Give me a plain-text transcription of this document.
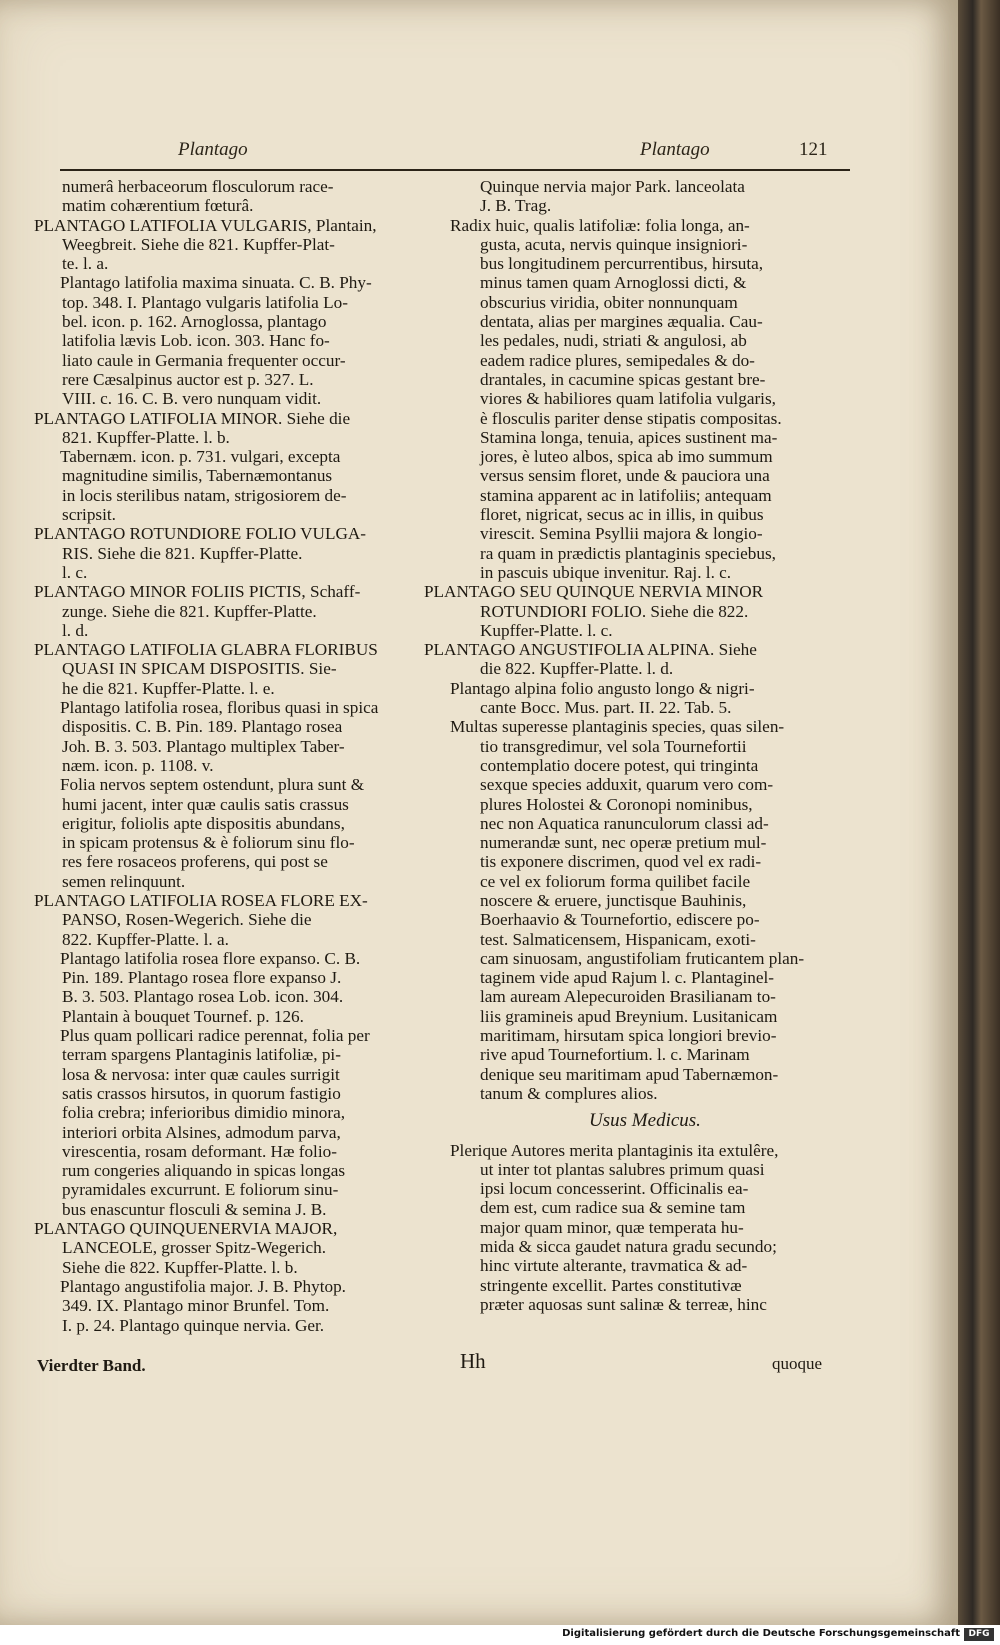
Plantago	Plantago	121
numerâ herbaceorum flosculorum race-
matim cohærentium fœturâ.
PLANTAGO LATIFOLIA VULGARIS, Plantain,
Weegbreit. Siehe die 821. Kupffer-Plat-
te. l. a.
Plantago latifolia maxima sinuata. C. B. Phy-
top. 348. I. Plantago vulgaris latifolia Lo-
bel. icon. p. 162. Arnoglossa, plantago
latifolia lævis Lob. icon. 303. Hanc fo-
liato caule in Germania frequenter occur-
rere Cæsalpinus auctor est p. 327. L.
VIII. c. 16. C. B. vero nunquam vidit.
PLANTAGO LATIFOLIA MINOR. Siehe die
821. Kupffer-Platte. l. b.
Tabernæm. icon. p. 731. vulgari, excepta
magnitudine similis, Tabernæmontanus
in locis sterilibus natam, strigosiorem de-
scripsit.
PLANTAGO ROTUNDIORE FOLIO VULGA-
RIS. Siehe die 821. Kupffer-Platte.
l. c.
PLANTAGO MINOR FOLIIS PICTIS, Schaff-
zunge. Siehe die 821. Kupffer-Platte.
l. d.
PLANTAGO LATIFOLIA GLABRA FLORIBUS
QUASI IN SPICAM DISPOSITIS. Sie-
he die 821. Kupffer-Platte. l. e.
Plantago latifolia rosea, floribus quasi in spica
dispositis. C. B. Pin. 189. Plantago rosea
Joh. B. 3. 503. Plantago multiplex Taber-
næm. icon. p. 1108. v.
Folia nervos septem ostendunt, plura sunt &
humi jacent, inter quæ caulis satis crassus
erigitur, foliolis apte dispositis abundans,
in spicam protensus & è foliorum sinu flo-
res fere rosaceos proferens, qui post se
semen relinquunt.
PLANTAGO LATIFOLIA ROSEA FLORE EX-
PANSO, Rosen-Wegerich. Siehe die
822. Kupffer-Platte. l. a.
Plantago latifolia rosea flore expanso. C. B.
Pin. 189. Plantago rosea flore expanso J.
B. 3. 503. Plantago rosea Lob. icon. 304.
Plantain à bouquet Tournef. p. 126.
Plus quam pollicari radice perennat, folia per
terram spargens Plantaginis latifoliæ, pi-
losa & nervosa: inter quæ caules surrigit
satis crassos hirsutos, in quorum fastigio
folia crebra; inferioribus dimidio minora,
interiori orbita Alsines, admodum parva,
virescentia, rosam deformant. Hæ folio-
rum congeries aliquando in spicas longas
pyramidales excurrunt. E foliorum sinu-
bus enascuntur flosculi & semina J. B.
PLANTAGO QUINQUENERVIA MAJOR,
LANCEOLE, grosser Spitz-Wegerich.
Siehe die 822. Kupffer-Platte. l. b.
Plantago angustifolia major. J. B. Phytop.
349. IX. Plantago minor Brunfel. Tom.
I. p. 24. Plantago quinque nervia. Ger.
Quinque nervia major Park. lanceolata
J. B. Trag.
Radix huic, qualis latifoliæ: folia longa, an-
gusta, acuta, nervis quinque insigniori-
bus longitudinem percurrentibus, hirsuta,
minus tamen quam Arnoglossi dicti, &
obscurius viridia, obiter nonnunquam
dentata, alias per margines æqualia. Cau-
les pedales, nudi, striati & angulosi, ab
eadem radice plures, semipedales & do-
drantales, in cacumine spicas gestant bre-
viores & habiliores quam latifolia vulgaris,
è flosculis pariter dense stipatis compositas.
Stamina longa, tenuia, apices sustinent ma-
jores, è luteo albos, spica ab imo summum
versus sensim floret, unde & pauciora una
stamina apparent ac in latifoliis; antequam
floret, nigricat, secus ac in illis, in quibus
virescit. Semina Psyllii majora & longio-
ra quam in prædictis plantaginis speciebus,
in pascuis ubique invenitur. Raj. l. c.
PLANTAGO SEU QUINQUE NERVIA MINOR
ROTUNDIORI FOLIO. Siehe die 822.
Kupffer-Platte. l. c.
PLANTAGO ANGUSTIFOLIA ALPINA. Siehe
die 822. Kupffer-Platte. l. d.
Plantago alpina folio angusto longo & nigri-
cante Bocc. Mus. part. II. 22. Tab. 5.
Multas superesse plantaginis species, quas silen-
tio transgredimur, vel sola Tournefortii
contemplatio docere potest, qui tringinta
sexque species adduxit, quarum vero com-
plures Holostei & Coronopi nominibus,
nec non Aquatica ranunculorum classi ad-
numerandæ sunt, nec operæ pretium mul-
tis exponere discrimen, quod vel ex radi-
ce vel ex foliorum forma quilibet facile
noscere & eruere, junctisque Bauhinis,
Boerhaavio & Tournefortio, ediscere po-
test. Salmaticensem, Hispanicam, exoti-
cam sinuosam, angustifoliam fruticantem plan-
taginem vide apud Rajum l. c. Plantaginel-
lam auream Alepecuroiden Brasilianam to-
liis gramineis apud Breynium. Lusitanicam
maritimam, hirsutam spica longiori brevio-
rive apud Tournefortium. l. c. Marinam
denique seu maritimam apud Tabernæmon-
tanum & complures alios.
Usus Medicus.
Plerique Autores merita plantaginis ita extulêre,
ut inter tot plantas salubres primum quasi
ipsi locum concesserint. Officinalis ea-
dem est, cum radice sua & semine tam
major quam minor, quæ temperata hu-
mida & sicca gaudet natura gradu secundo;
hinc virtute alterante, travmatica & ad-
stringente excellit. Partes constitutivæ
præter aquosas sunt salinæ & terreæ, hinc
Vierdter Band.	Hh	quoque
Digitalisierung gefördert durch die Deutsche Forschungsgemeinschaft DFG
